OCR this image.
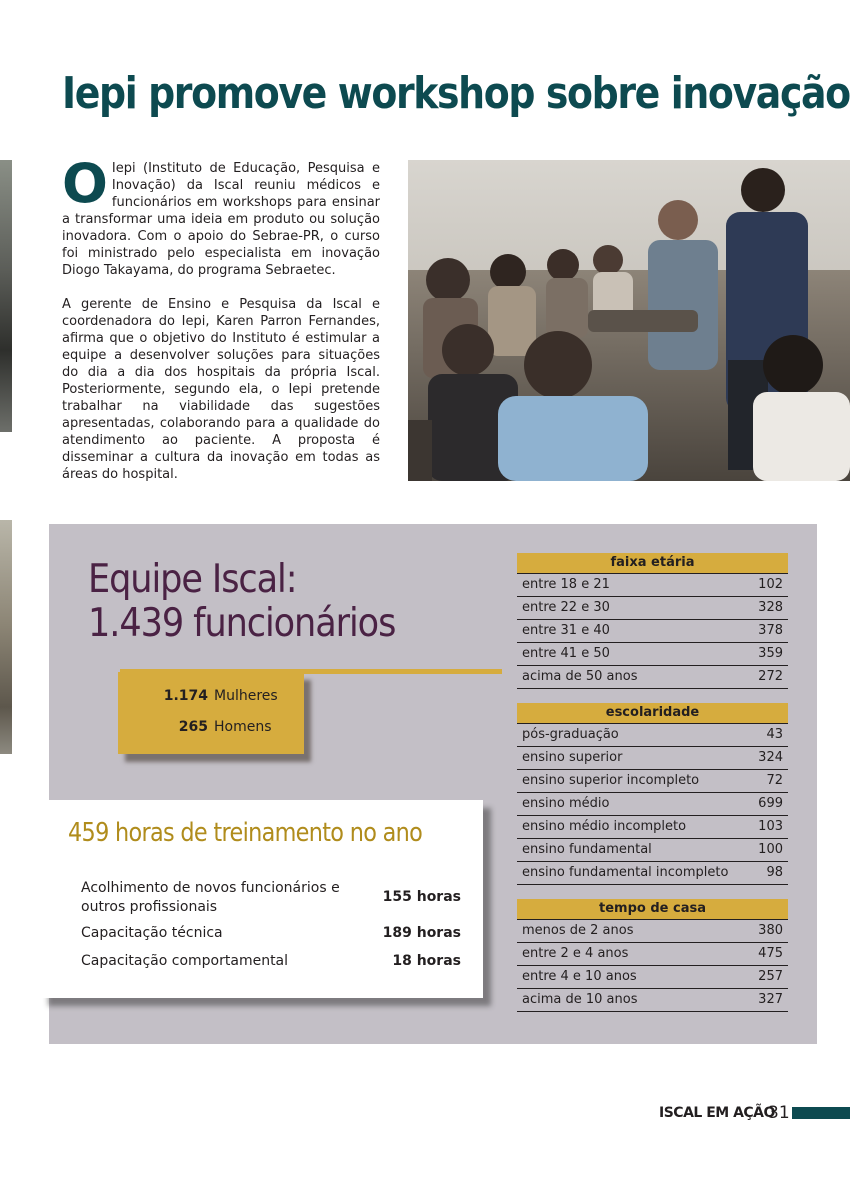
Iepi promove workshop sobre inovação

O Iepi (Instituto de Educação, Pesquisa e Inovação) da Iscal reuniu médicos e funcionários em workshops para ensinar a transformar uma ideia em produto ou solução inovadora. Com o apoio do Sebrae-PR, o curso foi ministrado pelo especialista em inovação Diogo Takayama, do programa Sebraetec.

A gerente de Ensino e Pesquisa da Iscal e coordenadora do Iepi, Karen Parron Fernandes, afirma que o objetivo do Instituto é estimular a equipe a desenvolver soluções para situações do dia a dia dos hospitais da própria Iscal. Posteriormente, segundo ela, o Iepi pretende trabalhar na viabilidade das sugestões apresentadas, colaborando para a qualidade do atendimento ao paciente. A proposta é disseminar a cultura da inovação em todas as áreas do hospital.

Equipe Iscal:
1.439 funcionários
1.174 Mulheres
265 Homens
459 horas de treinamento no ano
Acolhimento de novos funcionários e
outros profissionais
155 horas
Capacitação técnica	189 horas
Capacitação comportamental	18 horas
faixa etária
entre 18 e 21	102
entre 22 e 30	328
entre 31 e 40	378
entre 41 e 50	359
acima de 50 anos	272
escolaridade
pós-graduação	43
ensino superior	324
ensino superior incompleto	72
ensino médio	699
ensino médio incompleto	103
ensino fundamental	100
ensino fundamental incompleto	98
tempo de casa
menos de 2 anos	380
entre 2 e 4 anos	475
entre 4 e 10 anos	257
acima de 10 anos	327
ISCAL EM AÇÃO
31
